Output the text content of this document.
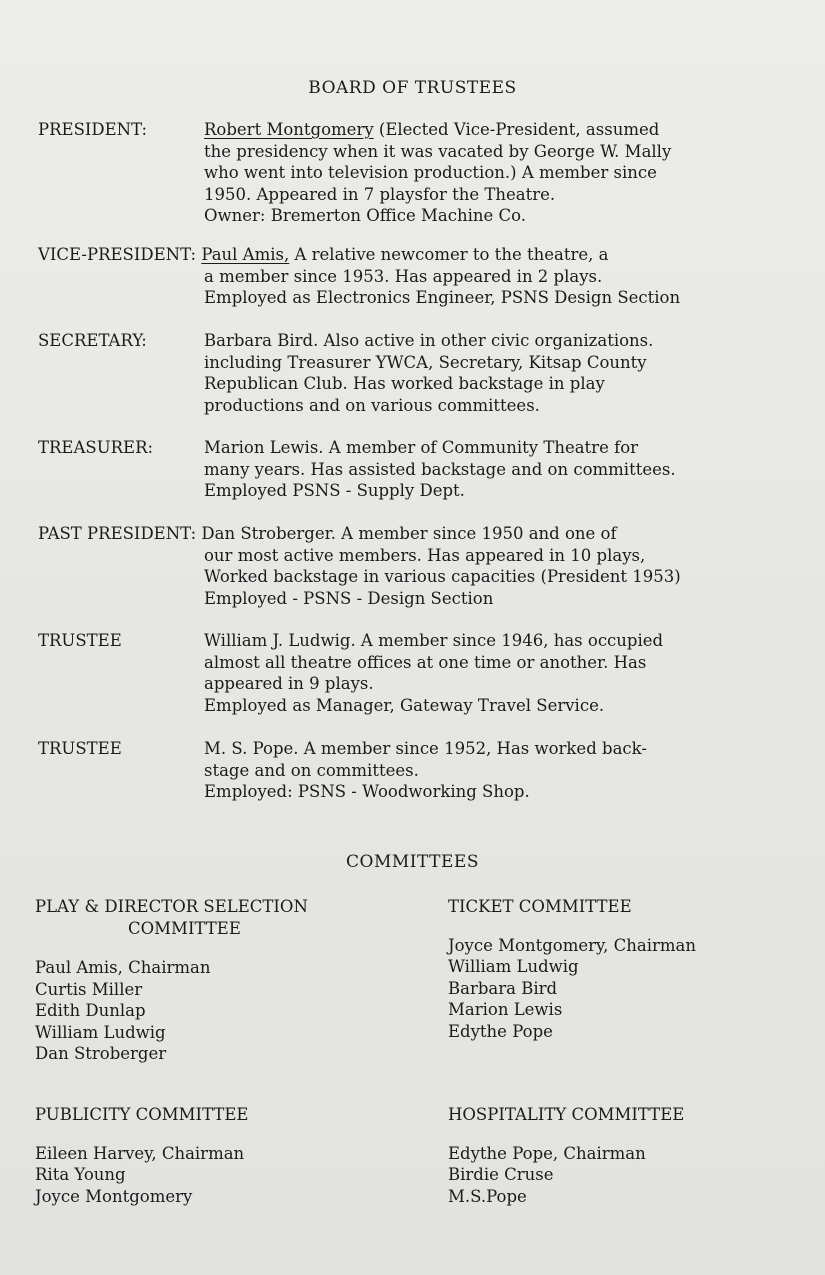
BOARD OF TRUSTEES
PRESIDENT:	Robert Montgomery (Elected Vice-President, assumed
the presidency when it was vacated by George W. Mally
who went into television production.) A member since
1950. Appeared in 7 playsfor the Theatre.
Owner: Bremerton Office Machine Co.
VICE-PRESIDENT: Paul Amis, A relative newcomer to the theatre, a
a member since 1953. Has appeared in 2 plays.
Employed as Electronics Engineer, PSNS Design Section
SECRETARY:	Barbara Bird. Also active in other civic organizations.
including Treasurer YWCA, Secretary, Kitsap County
Republican Club. Has worked backstage in play
productions and on various committees.
TREASURER:	Marion Lewis. A member of Community Theatre for
many years. Has assisted backstage and on committees.
Employed PSNS - Supply Dept.
PAST PRESIDENT: Dan Stroberger. A member since 1950 and one of
our most active members. Has appeared in 10 plays,
Worked backstage in various capacities (President 1953)
Employed - PSNS - Design Section
TRUSTEE	William J. Ludwig. A member since 1946, has occupied
almost all theatre offices at one time or another. Has
appeared in 9 plays.
Employed as Manager, Gateway Travel Service.
TRUSTEE	M. S. Pope. A member since 1952, Has worked back-
stage and on committees.
Employed: PSNS - Woodworking Shop.
COMMITTEES
PLAY & DIRECTOR SELECTION
COMMITTEE
Paul Amis, Chairman
Curtis Miller
Edith Dunlap
William Ludwig
Dan Stroberger
TICKET COMMITTEE
Joyce Montgomery, Chairman
William Ludwig
Barbara Bird
Marion Lewis
Edythe Pope
PUBLICITY COMMITTEE
Eileen Harvey, Chairman
Rita Young
Joyce Montgomery
HOSPITALITY COMMITTEE
Edythe Pope, Chairman
Birdie Cruse
M.S.Pope
